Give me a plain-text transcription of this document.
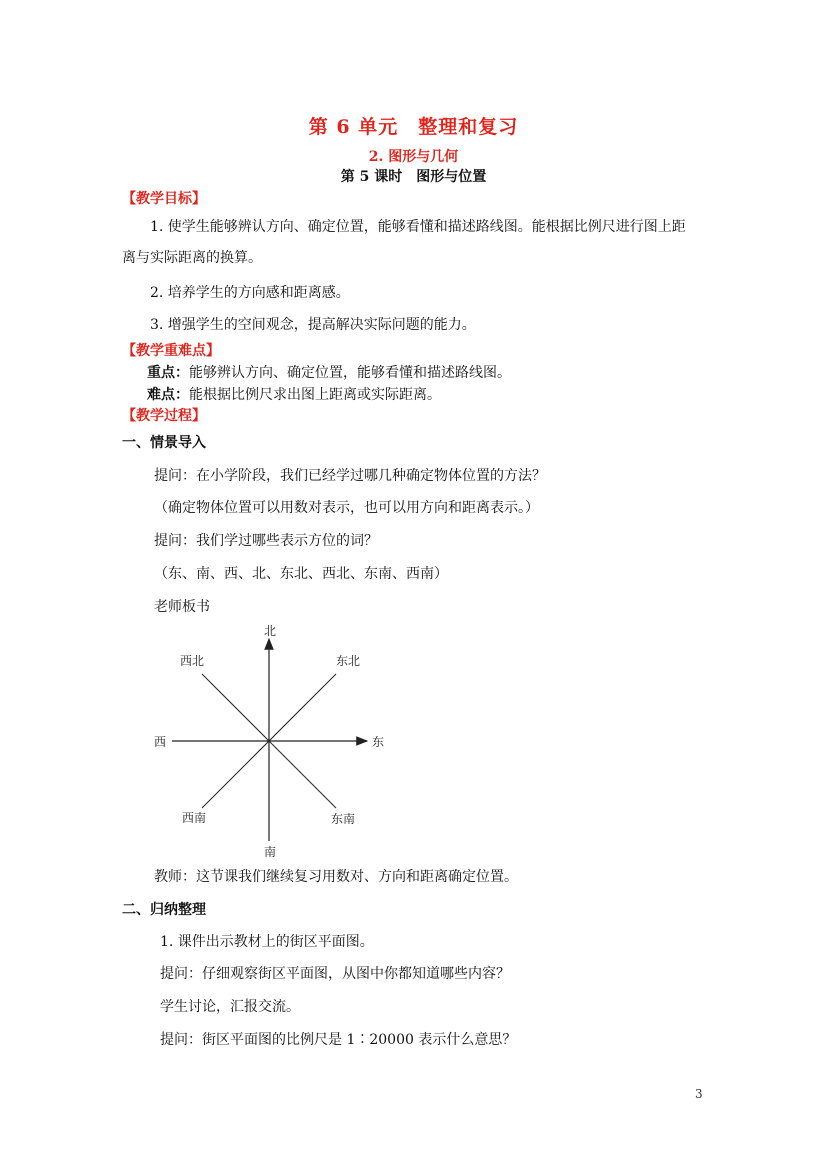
第 6 单元　整理和复习
2. 图形与几何
第 5 课时　图形与位置
【教学目标】
1. 使学生能够辨认方向、确定位置，能够看懂和描述路线图。能根据比例尺进行图上距
离与实际距离的换算。
2. 培养学生的方向感和距离感。
3. 增强学生的空间观念，提高解决实际问题的能力。
【教学重难点】
重点：能够辨认方向、确定位置，能够看懂和描述路线图。
难点：能根据比例尺求出图上距离或实际距离。
【教学过程】
一、情景导入
提问：在小学阶段，我们已经学过哪几种确定物体位置的方法？
（确定物体位置可以用数对表示，也可以用方向和距离表示。）
提问：我们学过哪些表示方位的词？
（东、南、西、北、东北、西北、东南、西南）
老师板书
北
南
东
西
东北
西北
东南
西南
教师：这节课我们继续复习用数对、方向和距离确定位置。
二、归纳整理
1. 课件出示教材上的街区平面图。
提问：仔细观察街区平面图，从图中你都知道哪些内容？
学生讨论，汇报交流。
提问：街区平面图的比例尺是 1∶20000 表示什么意思？
3
